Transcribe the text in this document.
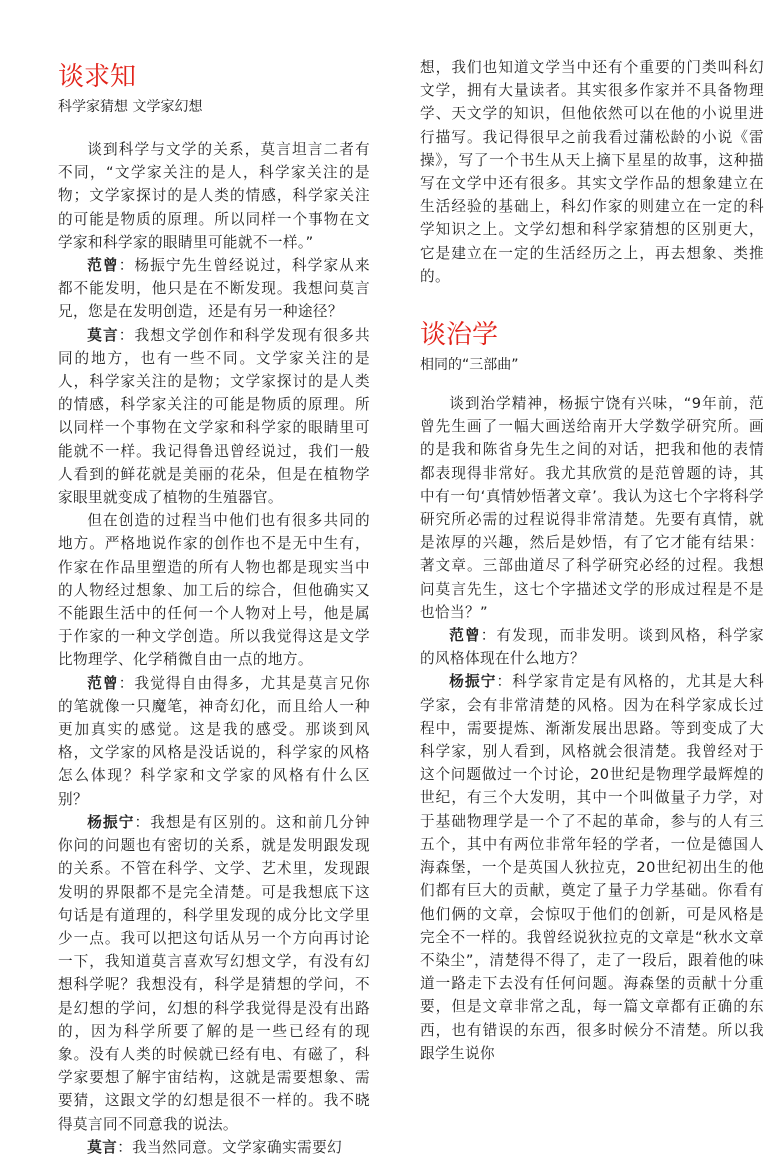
谈求知

科学家猜想 文学家幻想

谈到科学与文学的关系，莫言坦言二者有不同，“文学家关注的是人，科学家关注的是物；文学家探讨的是人类的情感，科学家关注的可能是物质的原理。所以同样一个事物在文学家和科学家的眼睛里可能就不一样。”

范曾：杨振宁先生曾经说过，科学家从来都不能发明，他只是在不断发现。我想问莫言兄，您是在发明创造，还是有另一种途径？

莫言：我想文学创作和科学发现有很多共同的地方，也有一些不同。文学家关注的是人，科学家关注的是物；文学家探讨的是人类的情感，科学家关注的可能是物质的原理。所以同样一个事物在文学家和科学家的眼睛里可能就不一样。我记得鲁迅曾经说过，我们一般人看到的鲜花就是美丽的花朵，但是在植物学家眼里就变成了植物的生殖器官。

但在创造的过程当中他们也有很多共同的地方。严格地说作家的创作也不是无中生有，作家在作品里塑造的所有人物也都是现实当中的人物经过想象、加工后的综合，但他确实又不能跟生活中的任何一个人物对上号，他是属于作家的一种文学创造。所以我觉得这是文学比物理学、化学稍微自由一点的地方。

范曾：我觉得自由得多，尤其是莫言兄你的笔就像一只魔笔，神奇幻化，而且给人一种更加真实的感觉。这是我的感受。那谈到风格，文学家的风格是没话说的，科学家的风格怎么体现？科学家和文学家的风格有什么区别？

杨振宁：我想是有区别的。这和前几分钟你问的问题也有密切的关系，就是发明跟发现的关系。不管在科学、文学、艺术里，发现跟发明的界限都不是完全清楚。可是我想底下这句话是有道理的，科学里发现的成分比文学里少一点。我可以把这句话从另一个方向再讨论一下，我知道莫言喜欢写幻想文学，有没有幻想科学呢？我想没有，科学是猜想的学问，不是幻想的学问，幻想的科学我觉得是没有出路的，因为科学所要了解的是一些已经有的现象。没有人类的时候就已经有电、有磁了，科学家要想了解宇宙结构，这就是需要想象、需要猜，这跟文学的幻想是很不一样的。我不晓得莫言同不同意我的说法。

莫言：我当然同意。文学家确实需要幻

想，我们也知道文学当中还有个重要的门类叫科幻文学，拥有大量读者。其实很多作家并不具备物理学、天文学的知识，但他依然可以在他的小说里进行描写。我记得很早之前我看过蒲松龄的小说《雷操》，写了一个书生从天上摘下星星的故事，这种描写在文学中还有很多。其实文学作品的想象建立在生活经验的基础上，科幻作家的则建立在一定的科学知识之上。文学幻想和科学家猜想的区别更大，它是建立在一定的生活经历之上，再去想象、类推的。

谈治学

相同的“三部曲”

谈到治学精神，杨振宁饶有兴味，“9年前，范曾先生画了一幅大画送给南开大学数学研究所。画的是我和陈省身先生之间的对话，把我和他的表情都表现得非常好。我尤其欣赏的是范曾题的诗，其中有一句‘真情妙悟著文章’。我认为这七个字将科学研究所必需的过程说得非常清楚。先要有真情，就是浓厚的兴趣，然后是妙悟，有了它才能有结果：著文章。三部曲道尽了科学研究必经的过程。我想问莫言先生，这七个字描述文学的形成过程是不是也恰当？”

范曾：有发现，而非发明。谈到风格，科学家的风格体现在什么地方？

杨振宁：科学家肯定是有风格的，尤其是大科学家，会有非常清楚的风格。因为在科学家成长过程中，需要提炼、渐渐发展出思路。等到变成了大科学家，别人看到，风格就会很清楚。我曾经对于这个问题做过一个讨论，20世纪是物理学最辉煌的世纪，有三个大发明，其中一个叫做量子力学，对于基础物理学是一个了不起的革命，参与的人有三五个，其中有两位非常年轻的学者，一位是德国人海森堡，一个是英国人狄拉克，20世纪初出生的他们都有巨大的贡献，奠定了量子力学基础。你看有他们俩的文章，会惊叹于他们的创新，可是风格是完全不一样的。我曾经说狄拉克的文章是“秋水文章不染尘”，清楚得不得了，走了一段后，跟着他的味道一路走下去没有任何问题。海森堡的贡献十分重要，但是文章非常之乱，每一篇文章都有正确的东西，也有错误的东西，很多时候分不清楚。所以我跟学生说你
